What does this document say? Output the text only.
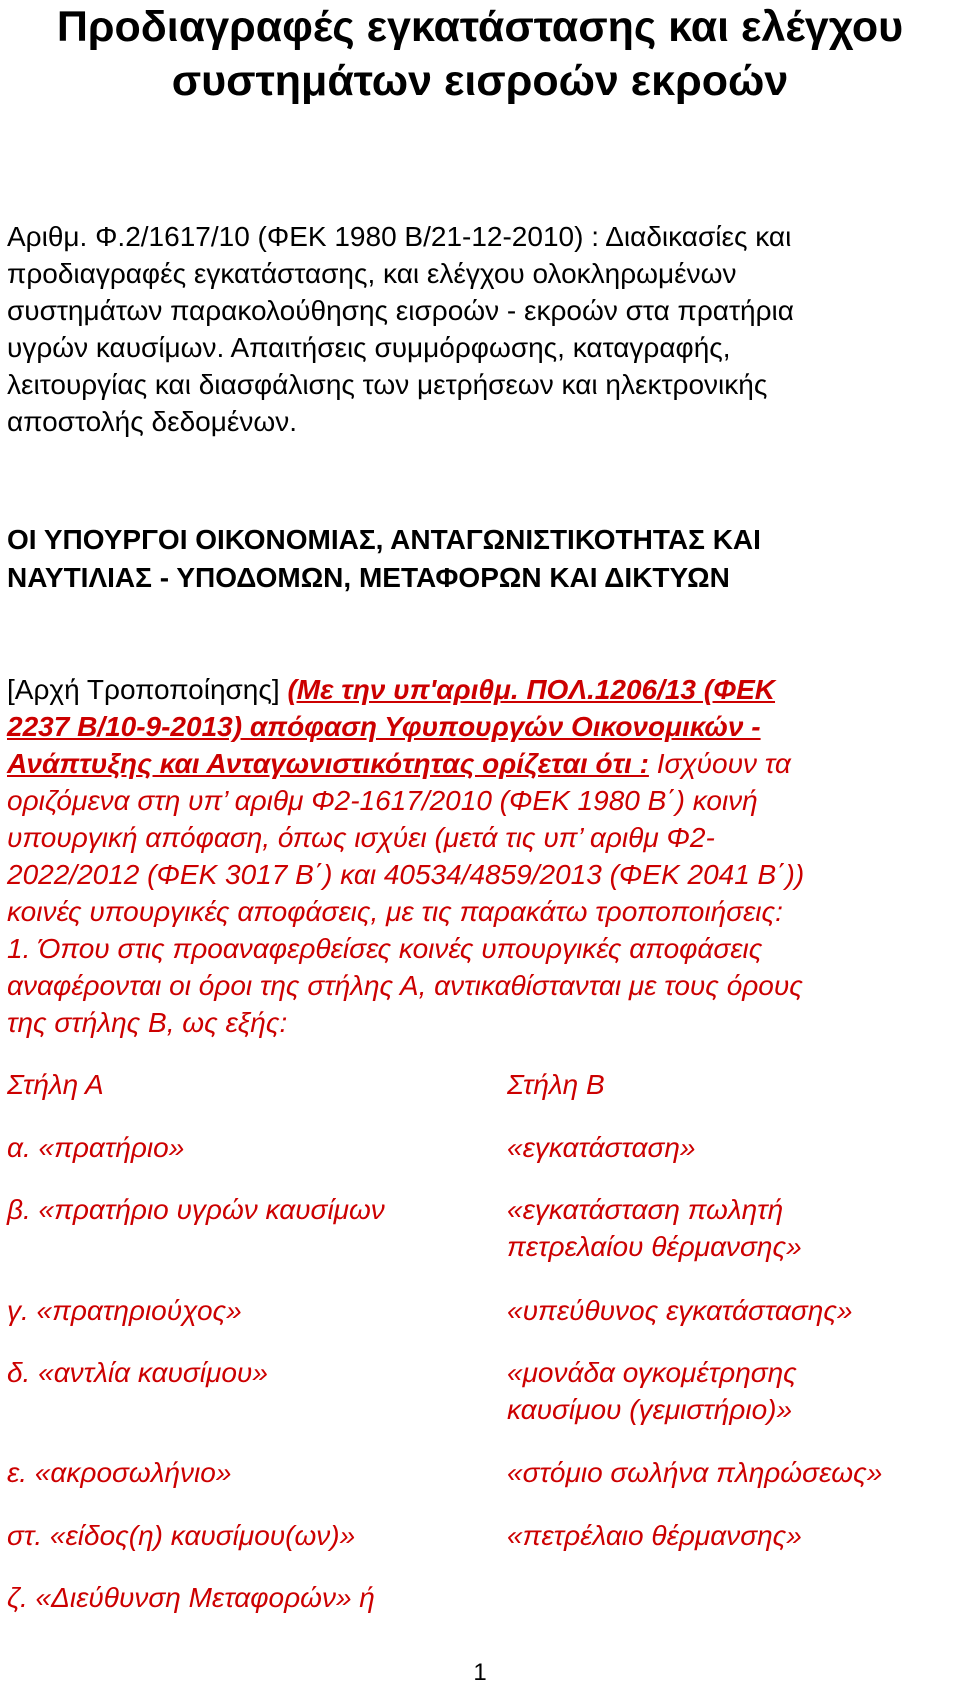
Προδιαγραφές εγκατάστασης και ελέγχου
συστημάτων εισροών εκροών
Αριθμ. Φ.2/1617/10 (ΦΕΚ 1980 Β/21-12-2010) : Διαδικασίες και
προδιαγραφές εγκατάστασης, και ελέγχου ολοκληρωμένων
συστημάτων παρακολούθησης εισροών - εκροών στα πρατήρια
υγρών καυσίμων. Απαιτήσεις συμμόρφωσης, καταγραφής,
λειτουργίας και διασφάλισης των μετρήσεων και ηλεκτρονικής
αποστολής δεδομένων.
ΟΙ ΥΠΟΥΡΓΟΙ ΟΙΚΟΝΟΜΙΑΣ, ΑΝΤΑΓΩΝΙΣΤΙΚΟΤΗΤΑΣ ΚΑΙ
ΝΑΥΤΙΛΙΑΣ - ΥΠΟΔΟΜΩΝ, ΜΕΤΑΦΟΡΩΝ ΚΑΙ ΔΙΚΤΥΩΝ
[Αρχή Τροποποίησης] (Με την υπ'αριθμ. ΠΟΛ.1206/13 (ΦΕΚ
2237 Β/10-9-2013) απόφαση Υφυπουργών Οικονομικών -
Ανάπτυξης και Ανταγωνιστικότητας ορίζεται ότι : Ισχύουν τα
οριζόμενα στη υπ’ αριθμ Φ2-1617/2010 (ΦΕΚ 1980 Β΄) κοινή
υπουργική απόφαση, όπως ισχύει (μετά τις υπ’ αριθμ Φ2-
2022/2012 (ΦΕΚ 3017 Β΄) και 40534/4859/2013 (ΦΕΚ 2041 Β΄))
κοινές υπουργικές αποφάσεις, με τις παρακάτω τροποποιήσεις:
1. Όπου στις προαναφερθείσες κοινές υπουργικές αποφάσεις
αναφέρονται οι όροι της στήλης Α, αντικαθίστανται με τους όρους
της στήλης Β, ως εξής:
Στήλη Α	Στήλη Β
α. «πρατήριο»	«εγκατάσταση»
β. «πρατήριο υγρών καυσίμων	«εγκατάσταση πωλητή
πετρελαίου θέρμανσης»
γ. «πρατηριούχος»	«υπεύθυνος εγκατάστασης»
δ. «αντλία καυσίμου»	«μονάδα ογκομέτρησης
καυσίμου (γεμιστήριο)»
ε. «ακροσωλήνιο»	«στόμιο σωλήνα πληρώσεως»
στ. «είδος(η) καυσίμου(ων)»	«πετρέλαιο θέρμανσης»
ζ. «Διεύθυνση Μεταφορών» ή
1
